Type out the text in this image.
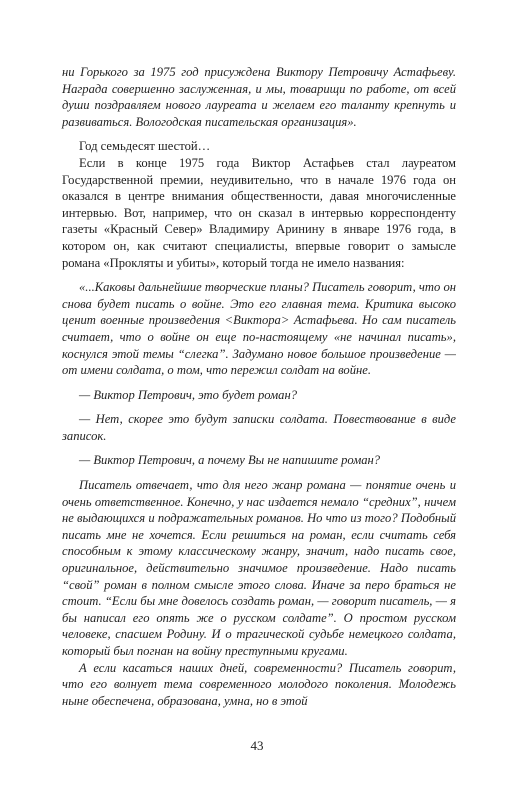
ни Горького за 1975 год присуждена Виктору Петровичу Астафьеву. Награда совершенно заслуженная, и мы, товарищи по работе, от всей души поздравляем нового лауреата и желаем его таланту крепнуть и развиваться. Вологодская писательская организация».

Год семьдесят шестой…

Если в конце 1975 года Виктор Астафьев стал лауреатом Государственной премии, неудивительно, что в начале 1976 года он оказался в центре внимания общественности, давая многочисленные интервью. Вот, например, что он сказал в интервью корреспонденту газеты «Красный Север» Владимиру Аринину в январе 1976 года, в котором он, как считают специалисты, впервые говорит о замысле романа «Прокляты и убиты», который тогда не имело названия:

«...Каковы дальнейшие творческие планы? Писатель говорит, что он снова будет писать о войне. Это его главная тема. Критика высоко ценит военные произведения <Виктора> Астафьева. Но сам писатель считает, что о войне он еще по-настоящему «не начинал писать», коснулся этой темы “слегка”. Задумано новое большое произведение — от имени солдата, о том, что пережил солдат на войне.

— Виктор Петрович, это будет роман?

— Нет, скорее это будут записки солдата. Повествование в виде записок.

— Виктор Петрович, а почему Вы не напишите роман?

Писатель отвечает, что для него жанр романа — понятие очень и очень ответственное. Конечно, у нас издается немало “средних”, ничем не выдающихся и подражательных романов. Но что из того? Подобный писать мне не хочется. Если решиться на роман, если считать себя способным к этому классическому жанру, значит, надо писать свое, оригинальное, действительно значимое произведение. Надо писать “свой” роман в полном смысле этого слова. Иначе за перо браться не стоит. “Если бы мне довелось создать роман, — говорит писатель, — я бы написал его опять же о русском солдате”. О простом русском человеке, спасшем Родину. И о трагической судьбе немецкого солдата, который был погнан на войну преступными кругами.

А если касаться наших дней, современности? Писатель говорит, что его волнует тема современного молодого поколения. Молодежь ныне обеспечена, образована, умна, но в этой

43
